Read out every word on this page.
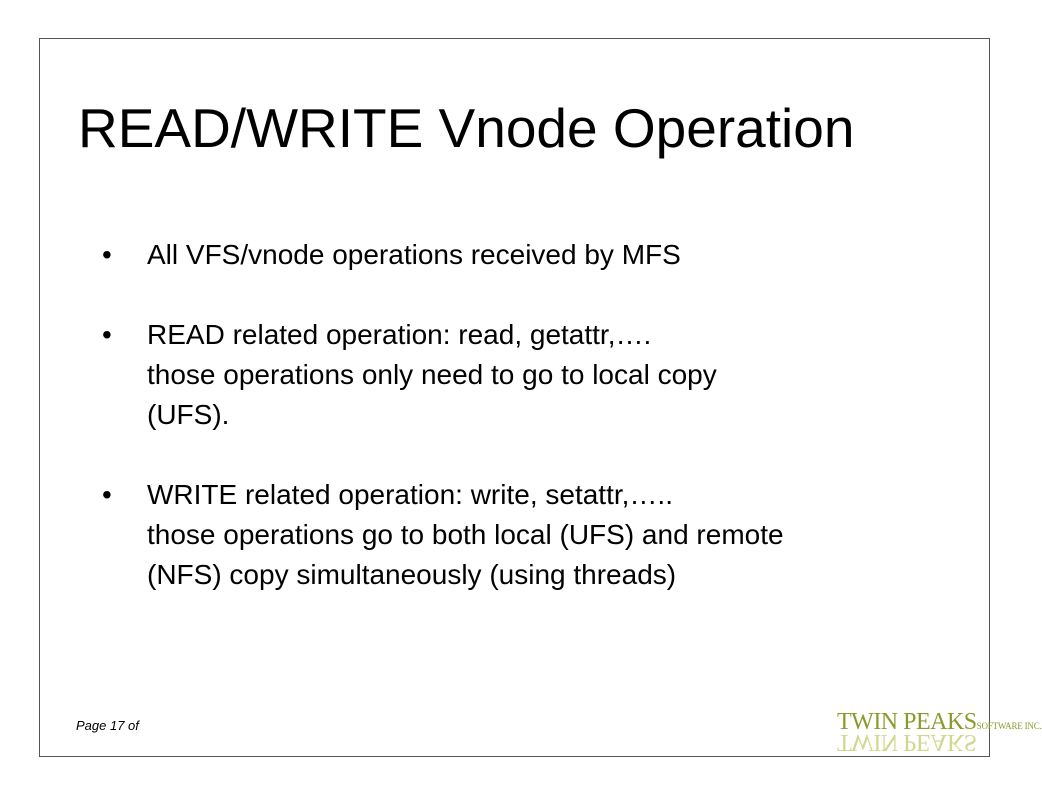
READ/WRITE Vnode Operation
•	All VFS/vnode operations received by MFS
•	READ related operation: read, getattr,….
those operations only need to go to local copy
(UFS).
•	WRITE related operation: write, setattr,…..
those operations go to both local (UFS) and remote
(NFS) copy simultaneously (using threads)
Page 17 of	TWIN PEAKS SOFTWARE INC.
TWIN PEAKS
